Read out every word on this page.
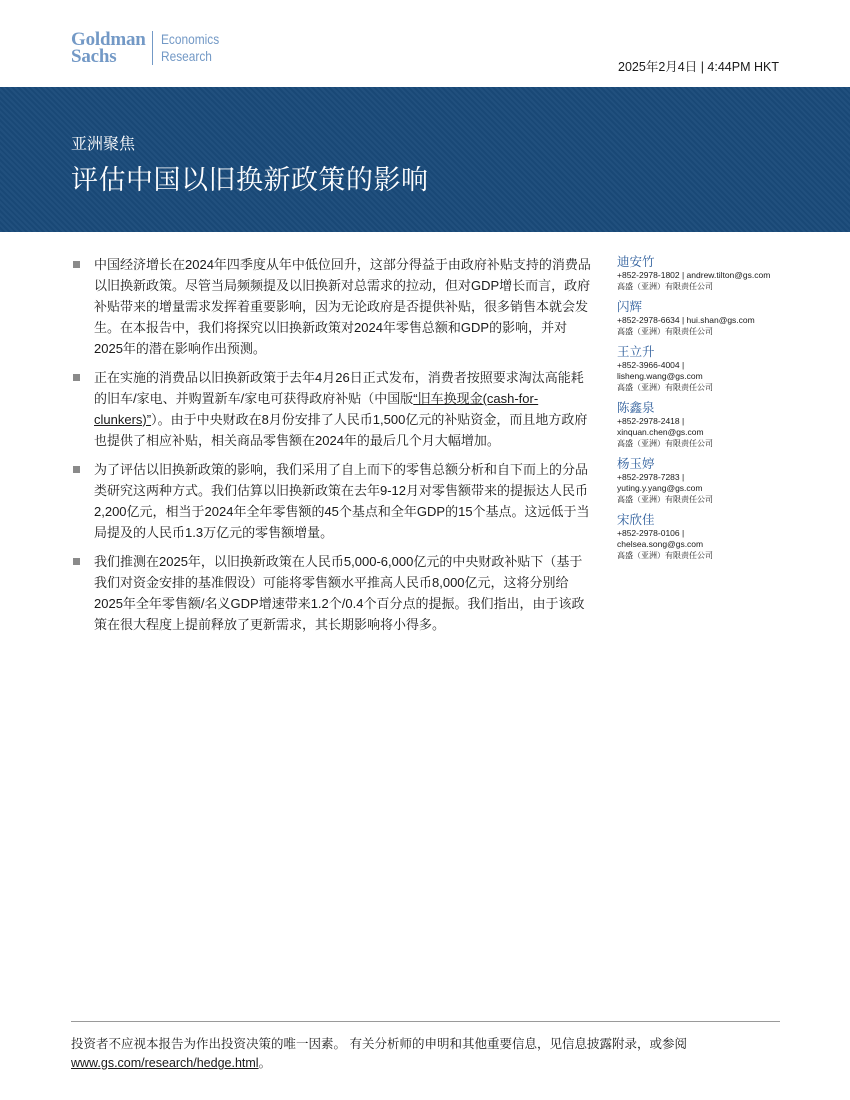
Goldman
Sachs
Economics
Research
2025年2月4日 | 4:44PM HKT
亚洲聚焦
评估中国以旧换新政策的影响
中国经济增长在2024年四季度从年中低位回升，这部分得益于由政府补贴支持的消费品以旧换新政策。尽管当局频频提及以旧换新对总需求的拉动，但对GDP增长而言，政府补贴带来的增量需求发挥着重要影响，因为无论政府是否提供补贴，很多销售本就会发生。在本报告中，我们将探究以旧换新政策对2024年零售总额和GDP的影响，并对2025年的潜在影响作出预测。
正在实施的消费品以旧换新政策于去年4月26日正式发布，消费者按照要求淘汰高能耗的旧车/家电、并购置新车/家电可获得政府补贴（中国版“旧车换现金(cash-for-clunkers)”）。由于中央财政在8月份安排了人民币1,500亿元的补贴资金，而且地方政府也提供了相应补贴，相关商品零售额在2024年的最后几个月大幅增加。
为了评估以旧换新政策的影响，我们采用了自上而下的零售总额分析和自下而上的分品类研究这两种方式。我们估算以旧换新政策在去年9-12月对零售额带来的提振达人民币2,200亿元，相当于2024年全年零售额的45个基点和全年GDP的15个基点。这远低于当局提及的人民币1.3万亿元的零售额增量。
我们推测在2025年，以旧换新政策在人民币5,000-6,000亿元的中央财政补贴下（基于我们对资金安排的基准假设）可能将零售额水平推高人民币8,000亿元，这将分别给2025年全年零售额/名义GDP增速带来1.2个/0.4个百分点的提振。我们指出，由于该政策在很大程度上提前释放了更新需求，其长期影响将小得多。
迪安竹
+852-2978-1802 | andrew.tilton@gs.com
高盛（亚洲）有限责任公司
闪辉
+852-2978-6634 | hui.shan@gs.com
高盛（亚洲）有限责任公司
王立升
+852-3966-4004 |
lisheng.wang@gs.com
高盛（亚洲）有限责任公司
陈鑫泉
+852-2978-2418 |
xinquan.chen@gs.com
高盛（亚洲）有限责任公司
杨玉婷
+852-2978-7283 |
yuting.y.yang@gs.com
高盛（亚洲）有限责任公司
宋欣佳
+852-2978-0106 |
chelsea.song@gs.com
高盛（亚洲）有限责任公司
投资者不应视本报告为作出投资决策的唯一因素。 有关分析师的申明和其他重要信息，见信息披露附录，或参阅 www.gs.com/research/hedge.html。
